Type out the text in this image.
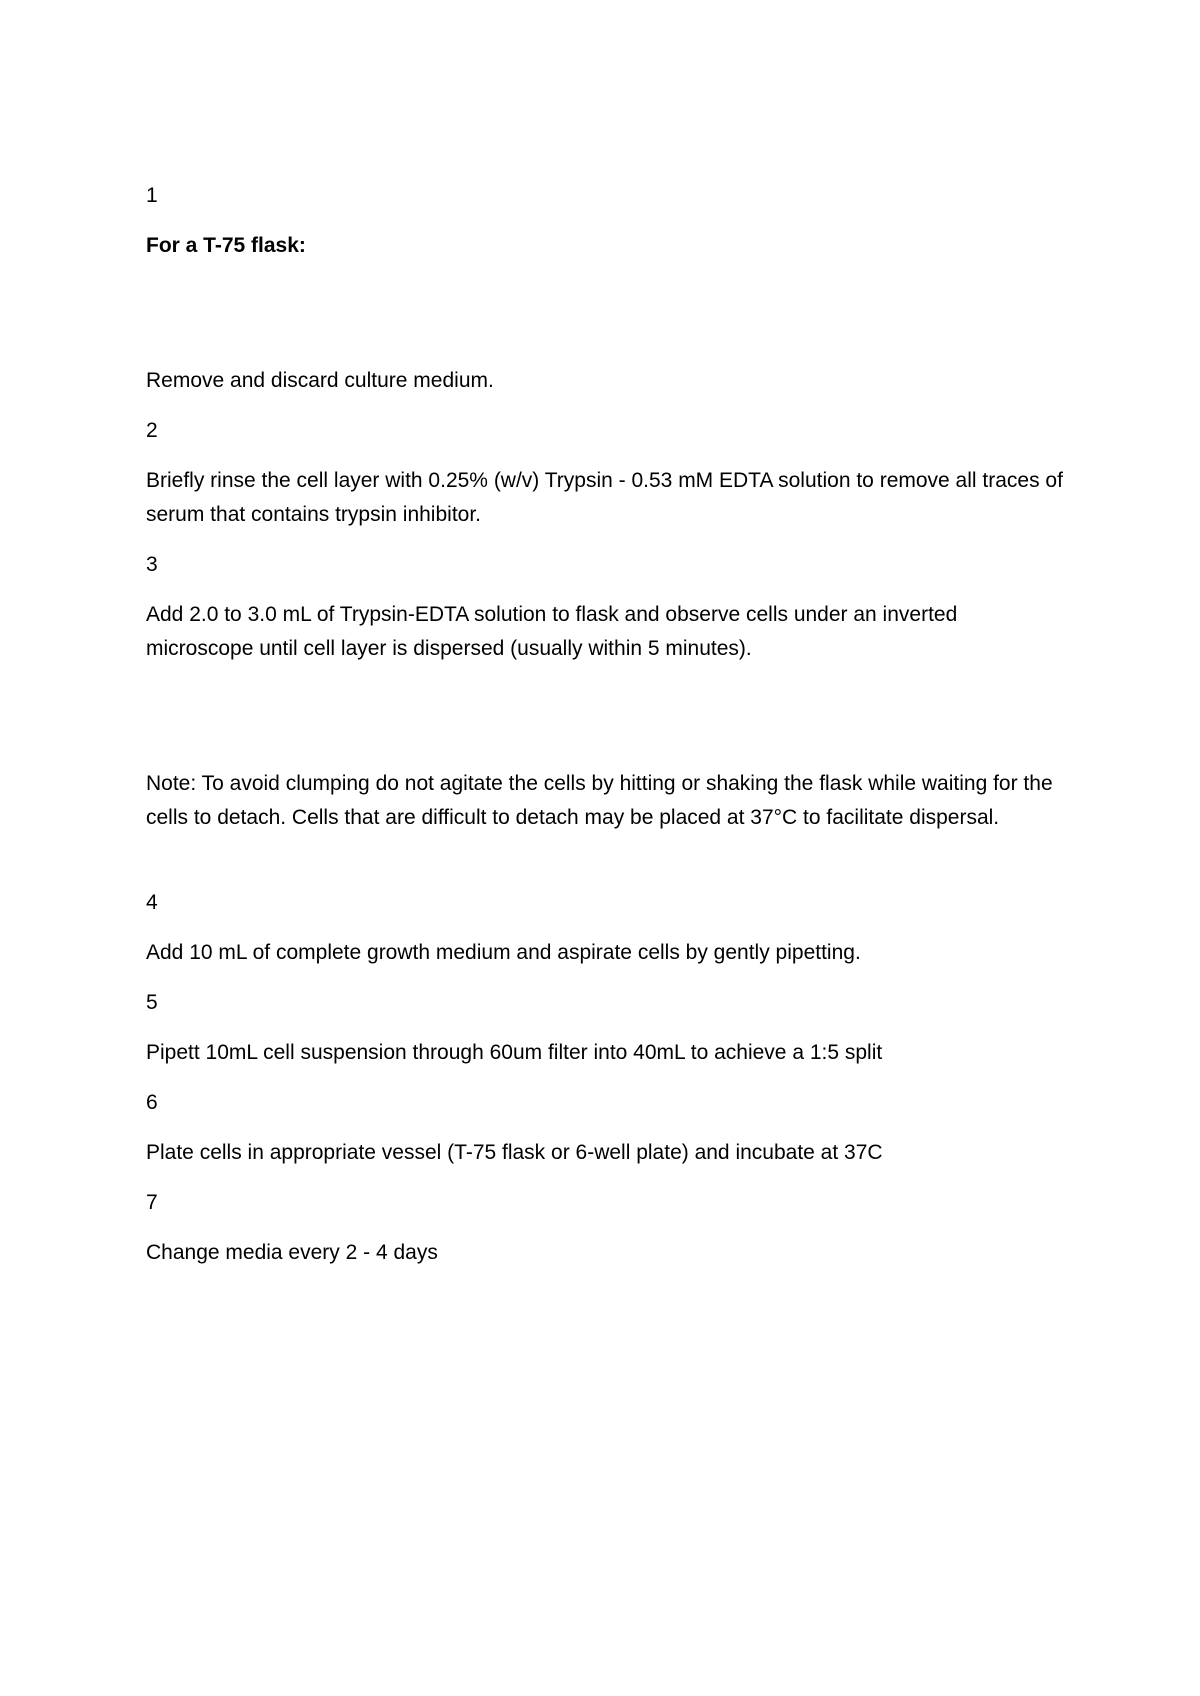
1

For a T-75 flask:

Remove and discard culture medium.

2

Briefly rinse the cell layer with 0.25% (w/v) Trypsin - 0.53 mM EDTA solution to remove all traces of serum that contains trypsin inhibitor.

3

Add 2.0 to 3.0 mL of Trypsin-EDTA solution to flask and observe cells under an inverted microscope until cell layer is dispersed (usually within 5 minutes).

Note: To avoid clumping do not agitate the cells by hitting or shaking the flask while waiting for the cells to detach. Cells that are difficult to detach may be placed at 37°C to facilitate dispersal.

4

Add 10 mL of complete growth medium and aspirate cells by gently pipetting.

5

Pipett 10mL cell suspension through 60um filter into 40mL to achieve a 1:5 split

6

Plate cells in appropriate vessel (T-75 flask or 6-well plate) and incubate at 37C

7

Change media every 2 - 4 days
